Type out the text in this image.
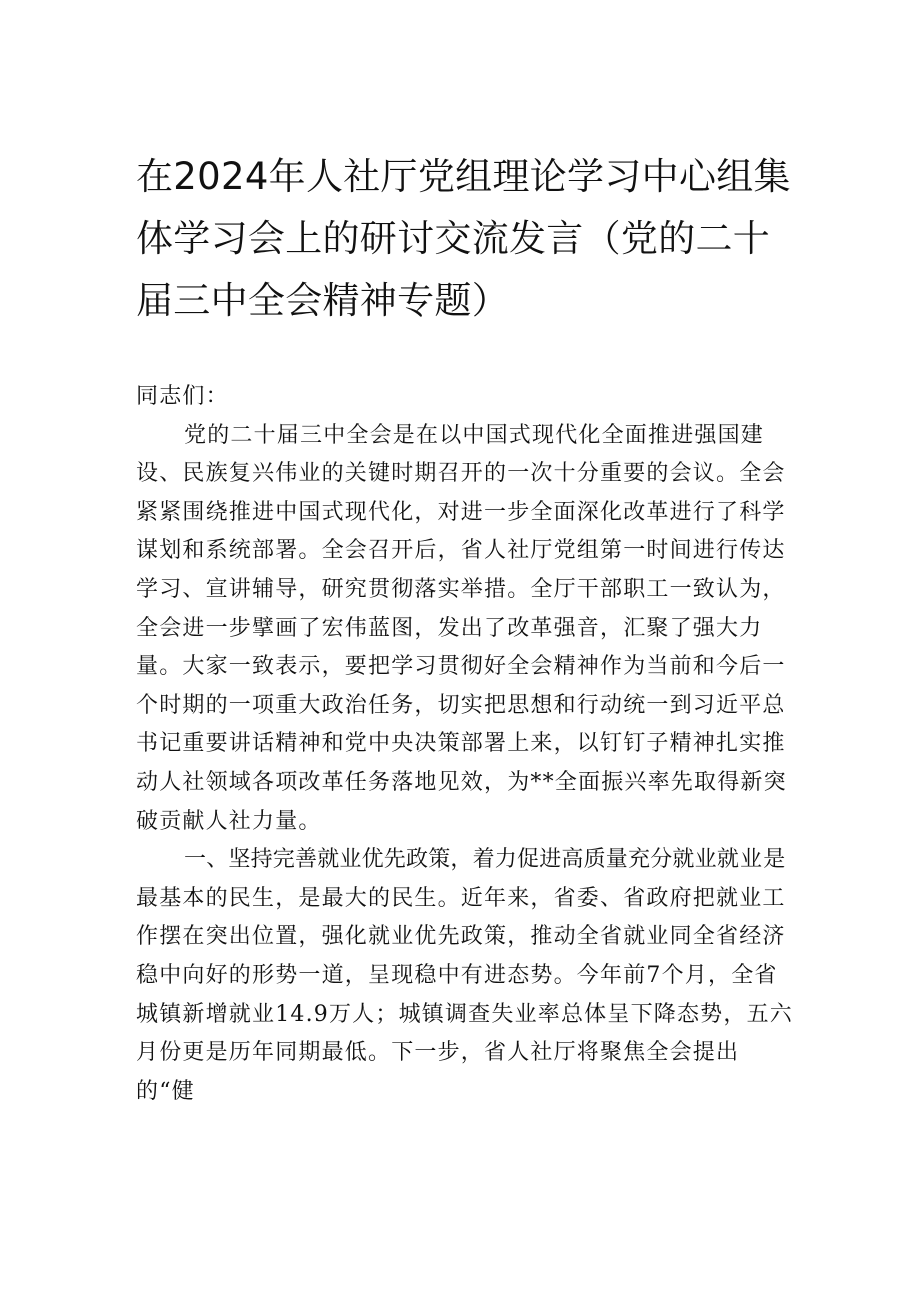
在2024年人社厅党组理论学习中心组集体学习会上的研讨交流发言（党的二十届三中全会精神专题）

同志们：

党的二十届三中全会是在以中国式现代化全面推进强国建设、民族复兴伟业的关键时期召开的一次十分重要的会议。全会紧紧围绕推进中国式现代化，对进一步全面深化改革进行了科学谋划和系统部署。全会召开后，省人社厅党组第一时间进行传达学习、宣讲辅导，研究贯彻落实举措。全厅干部职工一致认为，全会进一步擘画了宏伟蓝图，发出了改革强音，汇聚了强大力量。大家一致表示，要把学习贯彻好全会精神作为当前和今后一个时期的一项重大政治任务，切实把思想和行动统一到习近平总书记重要讲话精神和党中央决策部署上来，以钉钉子精神扎实推动人社领域各项改革任务落地见效，为**全面振兴率先取得新突破贡献人社力量。

一、坚持完善就业优先政策，着力促进高质量充分就业就业是最基本的民生，是最大的民生。近年来，省委、省政府把就业工作摆在突出位置，强化就业优先政策，推动全省就业同全省经济稳中向好的形势一道，呈现稳中有进态势。今年前7个月，全省城镇新增就业14.9万人；城镇调查失业率总体呈下降态势，五六月份更是历年同期最低。下一步，省人社厅将聚焦全会提出的“健
